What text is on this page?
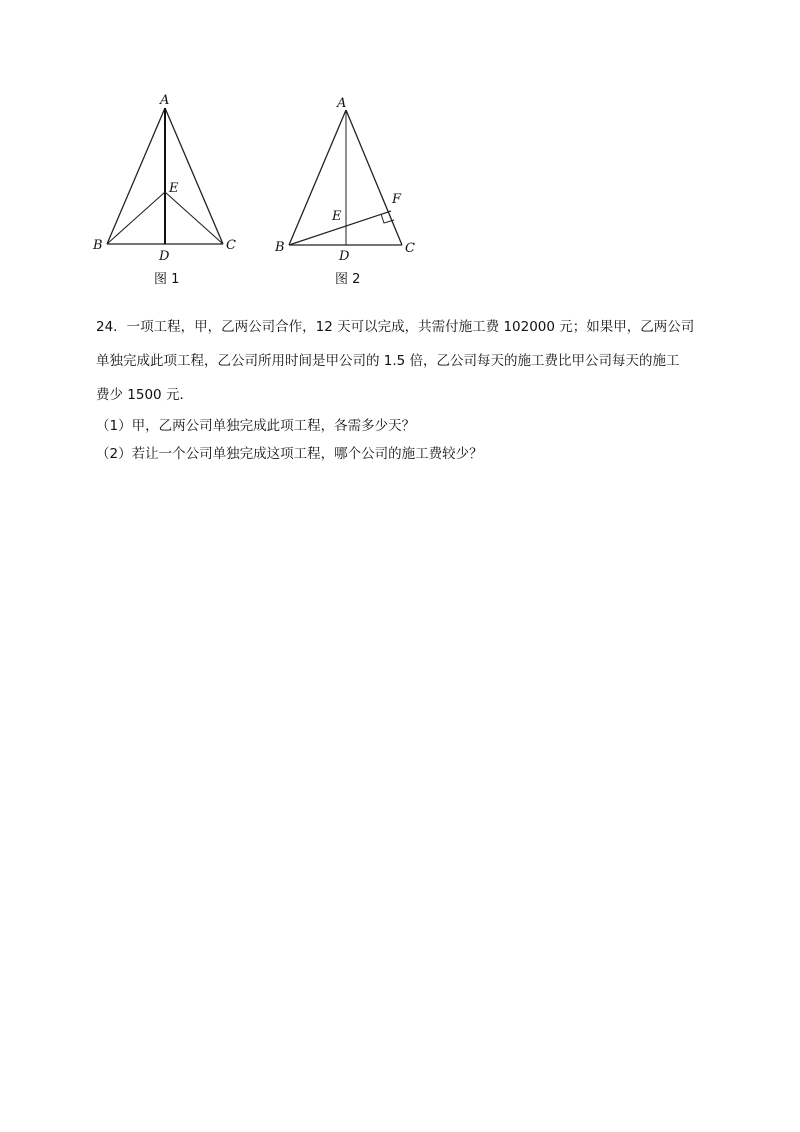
A
B	C
D
E
图 1
A
B	C
D
E
F
图 2

24．一项工程，甲，乙两公司合作，12 天可以完成，共需付施工费 102000 元；如果甲，乙两公司

单独完成此项工程，乙公司所用时间是甲公司的 1.5 倍，乙公司每天的施工费比甲公司每天的施工

费少 1500 元．

（1）甲，乙两公司单独完成此项工程，各需多少天？

（2）若让一个公司单独完成这项工程，哪个公司的施工费较少？
